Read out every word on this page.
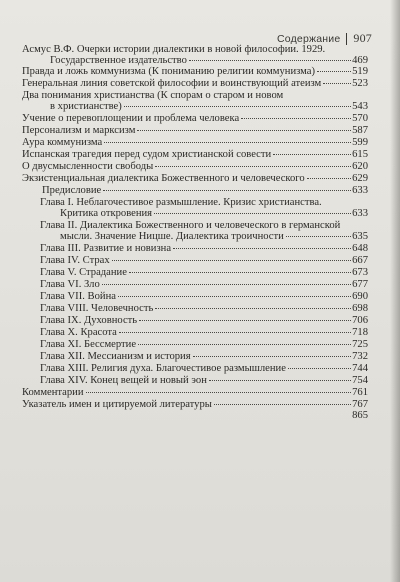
Содержание 907
Асмус В.Ф. Очерки истории диалектики в новой философии. 1929.
Государственное издательство	469
Правда и ложь коммунизма (К пониманию религии коммунизма)	519
Генеральная линия советской философии и воинствующий атеизм	523
Два понимания христианства (К спорам о старом и новом
в христианстве)	543
Учение о перевоплощении и проблема человека	570
Персонализм и марксизм	587
Аура коммунизма	599
Испанская трагедия перед судом христианской совести	615
О двусмысленности свободы	620
Экзистенциальная диалектика Божественного и человеческого	629
Предисловие	633
Глава I. Неблагочестивое размышление. Кризис христианства.
Критика откровения	633
Глава II. Диалектика Божественного и человеческого в германской
мысли. Значение Ницше. Диалектика троичности	635
Глава III. Развитие и новизна	648
Глава IV. Страх	667
Глава V. Страдание	673
Глава VI. Зло	677
Глава VII. Война	690
Глава VIII. Человечность	698
Глава IX. Духовность	706
Глава X. Красота	718
Глава XI. Бессмертие	725
Глава XII. Мессианизм и история	732
Глава XIII. Религия духа. Благочестивое размышление	744
Глава XIV. Конец вещей и новый эон	754
Комментарии	761
Указатель имен и цитируемой литературы	767
865
